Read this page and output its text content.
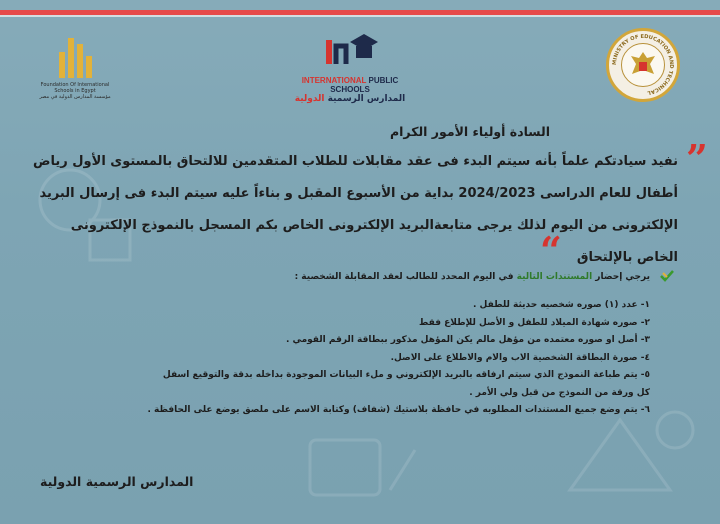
Foundation Of International Schools in Egypt
مؤسسة المدارس الدولية في مصر
INTERNATIONAL PUBLIC SCHOOLS
المدارس الرسمية الدولية
MINISTRY OF EDUCATION AND TECHNICAL
السادة أولياء الأمور الكرام
”
“
نفيد سيادتكم علماً بأنه سيتم البدء فى عقد مقابلات للطلاب المتقدمين للالتحاق بالمستوى الأول رياض
أطفال للعام الدراسى 2024/2023 بداية من الأسبوع المقبل و بناءاً عليه سيتم البدء فى إرسال البريد
الإلكترونى من اليوم لذلك يرجى متابعةالبريد الإلكترونى الخاص بكم المسجل بالنموذج الإلكترونى
الخاص بالإلتحاق
يرجي إحضار المستندات التالية في اليوم المحدد للطالب لعقد المقابلة الشخصية :
١- عدد (١) صوره شخصيه حديثة للطفل .
٢- صوره شهادة الميلاد للطفل و الأصل للإطلاع فقط
٣- أصل او صوره معتمده من مؤهل مالم يكن المؤهل مذكور ببطاقة الرقم القومي .
٤- صورة البطاقة الشخصية الاب والام والاطلاع على الاصل.
٥- يتم طباعة النموذج الذي سيتم ارفاقه بالبريد الإلكتروني و ملء البيانات الموجودة بداخله بدقة والتوقيع اسفل
كل ورقة من النموذج من قبل ولي الأمر .
٦- يتم وضع جميع المستندات المطلوبه في حافظة بلاستيك (شفاف) وكتابة الاسم على ملصق يوضع على الحافظة .
المدارس الرسمية الدولية
